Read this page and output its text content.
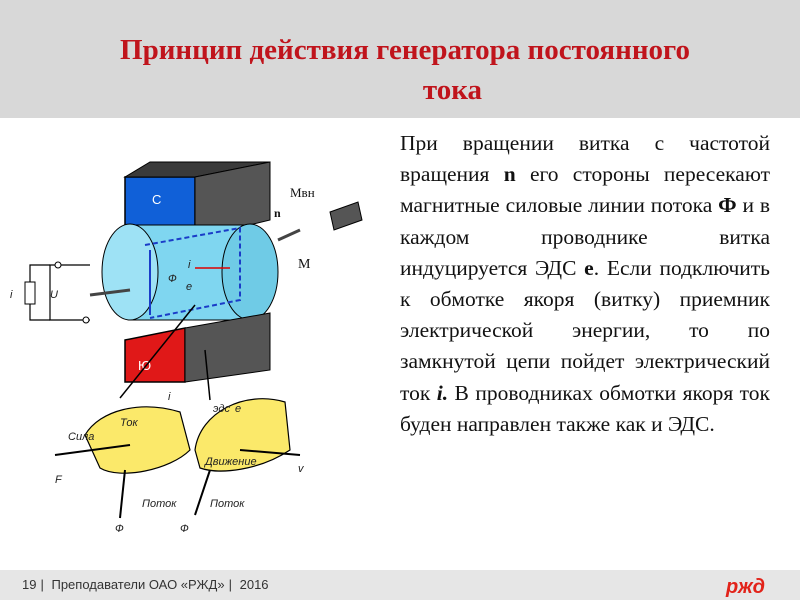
Принцип действия генератора постоянного
тока
При вращении витка с частотой вращения n его стороны пересекают магнитные силовые линии потока Ф и в каждом проводнике витка индуцируется ЭДС е. Если подключить к обмотке якоря (витку) приемник электрической энергии, то по замкнутой цепи пойдет электрический ток i. В проводниках обмотки якоря ток буден направлен также как и ЭДС.
С
Ф
i
e
Мвн
n
М
Ю
i	U
Сила
Ток
i
эдс е
Движение
F
v
Поток	Поток
Ф	Ф
19 | Преподаватели ОАО «РЖД» | 2016	ржд
